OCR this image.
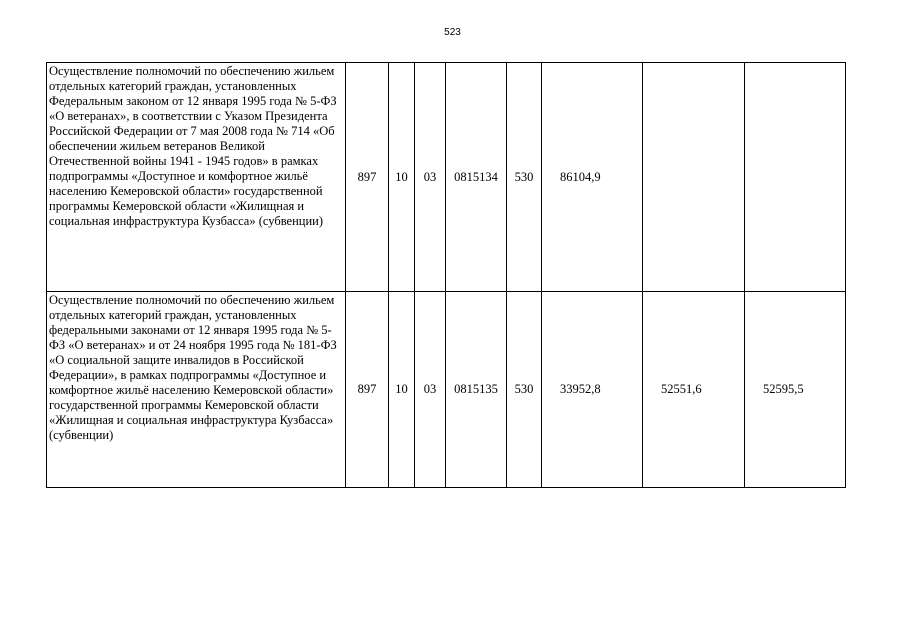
523
Осуществление полномочий по обеспечению жильем отдельных категорий граждан, установленных Федеральным законом от 12 января 1995 года № 5-ФЗ «О ветеранах», в соответствии с Указом Президента Российской Федерации от 7 мая 2008 года № 714 «Об обеспечении жильем ветеранов Великой Отечественной войны 1941 - 1945 годов» в рамках подпрограммы «Доступное и комфортное жильё населению Кемеровской области» государственной программы Кемеровской области «Жилищная и социальная инфраструктура Кузбасса» (субвенции)	897	10	03	0815134	530	86104,9		
Осуществление полномочий по обеспечению жильем отдельных категорий граждан, установленных федеральными законами от 12 января 1995 года № 5-ФЗ «О ветеранах» и от 24 ноября 1995 года № 181-ФЗ «О социальной защите инвалидов в Российской Федерации», в рамках подпрограммы «Доступное и комфортное жильё населению Кемеровской области» государственной программы Кемеровской области «Жилищная и социальная инфраструктура Кузбасса» (субвенции)	897	10	03	0815135	530	33952,8	52551,6	52595,5
